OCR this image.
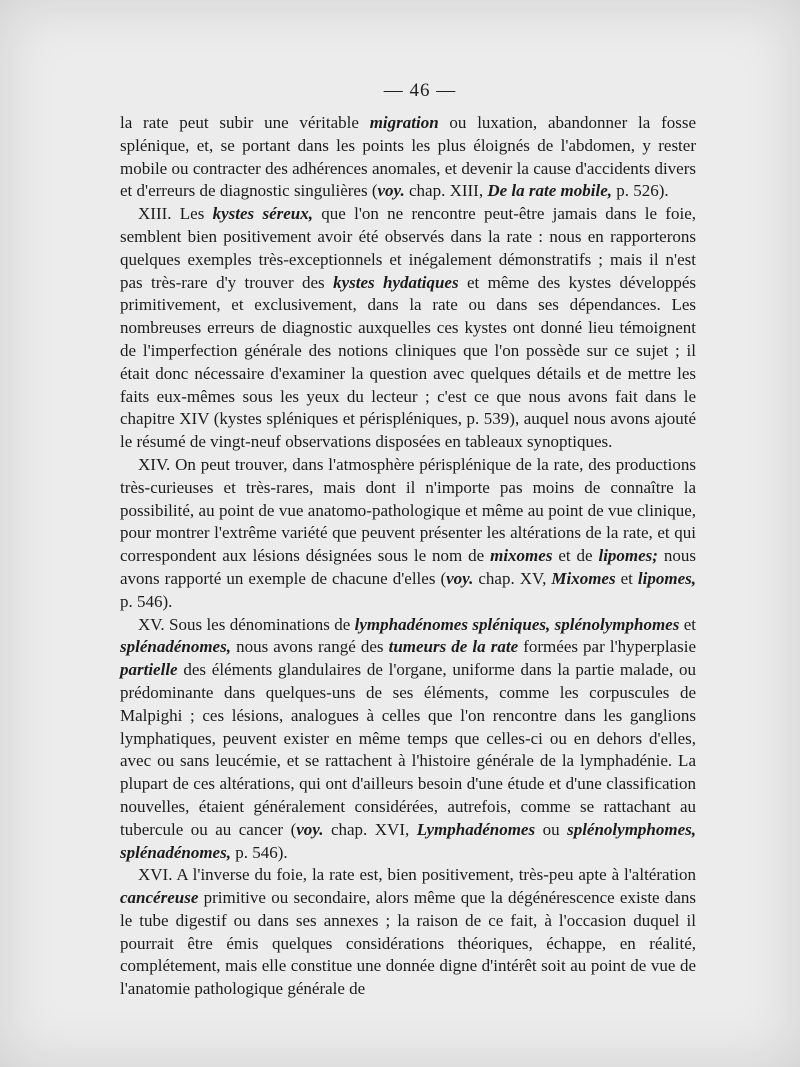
— 46 —

la rate peut subir une véritable migration ou luxation, abandonner la fosse splénique, et, se portant dans les points les plus éloignés de l'abdomen, y rester mobile ou contracter des adhérences anomales, et devenir la cause d'accidents divers et d'erreurs de diagnostic singulières (voy. chap. XIII, De la rate mobile, p. 526).

XIII. Les kystes séreux, que l'on ne rencontre peut-être jamais dans le foie, semblent bien positivement avoir été observés dans la rate : nous en rapporterons quelques exemples très-exceptionnels et inégalement démonstratifs ; mais il n'est pas très-rare d'y trouver des kystes hydatiques et même des kystes développés primitivement, et exclusivement, dans la rate ou dans ses dépendances. Les nombreuses erreurs de diagnostic auxquelles ces kystes ont donné lieu témoignent de l'imperfection générale des notions cliniques que l'on possède sur ce sujet ; il était donc nécessaire d'examiner la question avec quelques détails et de mettre les faits eux-mêmes sous les yeux du lecteur ; c'est ce que nous avons fait dans le chapitre XIV (kystes spléniques et périspléniques, p. 539), auquel nous avons ajouté le résumé de vingt-neuf observations disposées en tableaux synoptiques.

XIV. On peut trouver, dans l'atmosphère périsplénique de la rate, des productions très-curieuses et très-rares, mais dont il n'importe pas moins de connaître la possibilité, au point de vue anatomo-pathologique et même au point de vue clinique, pour montrer l'extrême variété que peuvent présenter les altérations de la rate, et qui correspondent aux lésions désignées sous le nom de mixomes et de lipomes; nous avons rapporté un exemple de chacune d'elles (voy. chap. XV, Mixomes et lipomes, p. 546).

XV. Sous les dénominations de lymphadénomes spléniques, splénolymphomes et splénadénomes, nous avons rangé des tumeurs de la rate formées par l'hyperplasie partielle des éléments glandulaires de l'organe, uniforme dans la partie malade, ou prédominante dans quelques-uns de ses éléments, comme les corpuscules de Malpighi ; ces lésions, analogues à celles que l'on rencontre dans les ganglions lymphatiques, peuvent exister en même temps que celles-ci ou en dehors d'elles, avec ou sans leucémie, et se rattachent à l'histoire générale de la lymphadénie. La plupart de ces altérations, qui ont d'ailleurs besoin d'une étude et d'une classification nouvelles, étaient généralement considérées, autrefois, comme se rattachant au tubercule ou au cancer (voy. chap. XVI, Lymphadénomes ou splénolymphomes, splénadénomes, p. 546).

XVI. A l'inverse du foie, la rate est, bien positivement, très-peu apte à l'altération cancéreuse primitive ou secondaire, alors même que la dégénérescence existe dans le tube digestif ou dans ses annexes ; la raison de ce fait, à l'occasion duquel il pourrait être émis quelques considérations théoriques, échappe, en réalité, complétement, mais elle constitue une donnée digne d'intérêt soit au point de vue de l'anatomie pathologique générale de
